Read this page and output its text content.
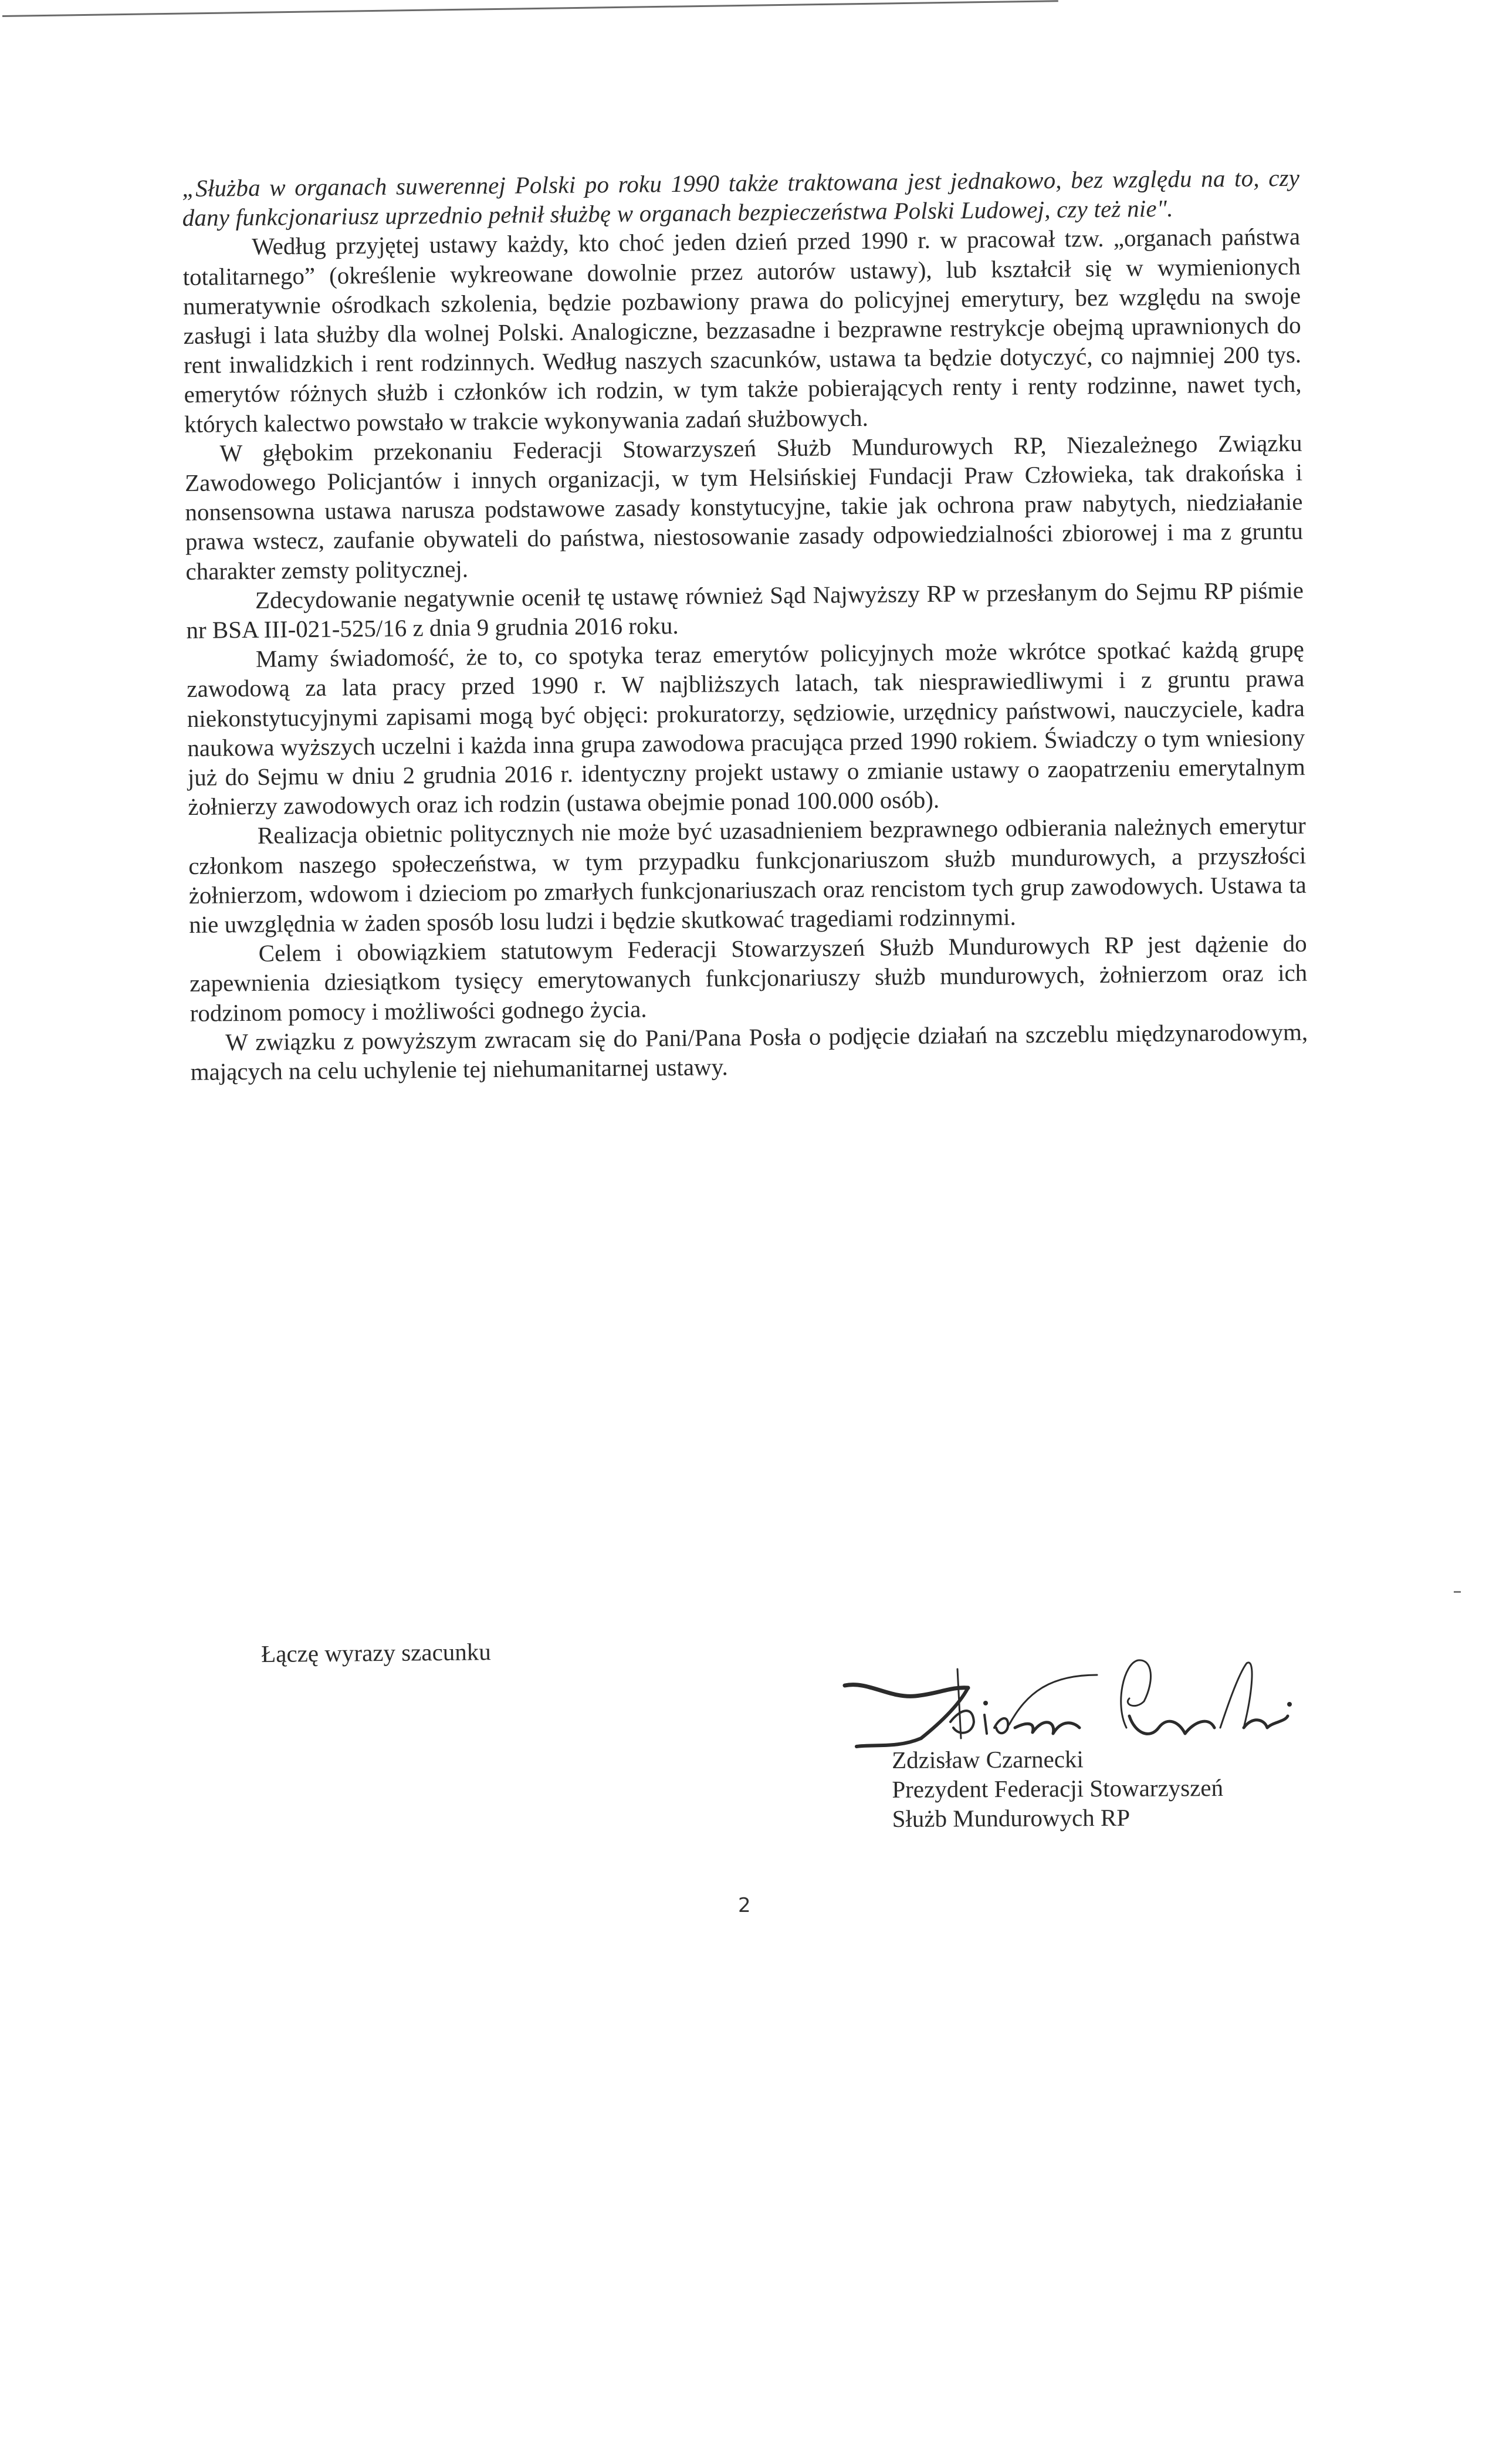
„Służba w organach suwerennej Polski po roku 1990 także traktowana jest jednakowo, bez względu na to, czy dany funkcjonariusz uprzednio pełnił służbę w organach bezpieczeństwa Polski Ludowej, czy też nie".

Według przyjętej ustawy każdy, kto choć jeden dzień przed 1990 r. w pracował tzw. „organach państwa totalitarnego” (określenie wykreowane dowolnie przez autorów ustawy), lub kształcił się w wymienionych numeratywnie ośrodkach szkolenia, będzie pozbawiony prawa do policyjnej emerytury, bez względu na swoje zasługi i lata służby dla wolnej Polski. Analogiczne, bezzasadne i bezprawne restrykcje obejmą uprawnionych do rent inwalidzkich i rent rodzinnych. Według naszych szacunków, ustawa ta będzie dotyczyć, co najmniej 200 tys. emerytów różnych służb i członków ich rodzin, w tym także pobierających renty i renty rodzinne, nawet tych, których kalectwo powstało w trakcie wykonywania zadań służbowych.

W głębokim przekonaniu Federacji Stowarzyszeń Służb Mundurowych RP, Niezależnego Związku Zawodowego Policjantów i innych organizacji, w tym Helsińskiej Fundacji Praw Człowieka, tak drakońska i nonsensowna ustawa narusza podstawowe zasady konstytucyjne, takie jak ochrona praw nabytych, niedziałanie prawa wstecz, zaufanie obywateli do państwa, niestosowanie zasady odpowiedzialności zbiorowej i ma z gruntu charakter zemsty politycznej.

Zdecydowanie negatywnie ocenił tę ustawę również Sąd Najwyższy RP w przesłanym do Sejmu RP piśmie nr BSA III-021-525/16 z dnia 9 grudnia 2016 roku.

Mamy świadomość, że to, co spotyka teraz emerytów policyjnych może wkrótce spotkać każdą grupę zawodową za lata pracy przed 1990 r. W najbliższych latach, tak niesprawiedliwymi i z gruntu prawa niekonstytucyjnymi zapisami mogą być objęci: prokuratorzy, sędziowie, urzędnicy państwowi, nauczyciele, kadra naukowa wyższych uczelni i każda inna grupa zawodowa pracująca przed 1990 rokiem. Świadczy o tym wniesiony już do Sejmu w dniu 2 grudnia 2016 r. identyczny projekt ustawy o zmianie ustawy o zaopatrzeniu emerytalnym żołnierzy zawodowych oraz ich rodzin (ustawa obejmie ponad 100.000 osób).

Realizacja obietnic politycznych nie może być uzasadnieniem bezprawnego odbierania należnych emerytur członkom naszego społeczeństwa, w tym przypadku funkcjonariuszom służb mundurowych, a przyszłości żołnierzom, wdowom i dzieciom po zmarłych funkcjonariuszach oraz rencistom tych grup zawodowych. Ustawa ta nie uwzględnia w żaden sposób losu ludzi i będzie skutkować tragediami rodzinnymi.

Celem i obowiązkiem statutowym Federacji Stowarzyszeń Służb Mundurowych RP jest dążenie do zapewnienia dziesiątkom tysięcy emerytowanych funkcjonariuszy służb mundurowych, żołnierzom oraz ich rodzinom pomocy i możliwości godnego życia.

W związku z powyższym zwracam się do Pani/Pana Posła o podjęcie działań na szczeblu międzynarodowym, mających na celu uchylenie tej niehumanitarnej ustawy.

Łączę wyrazy szacunku
Zdzisław Czarnecki
Prezydent Federacji Stowarzyszeń
Służb Mundurowych RP
2
